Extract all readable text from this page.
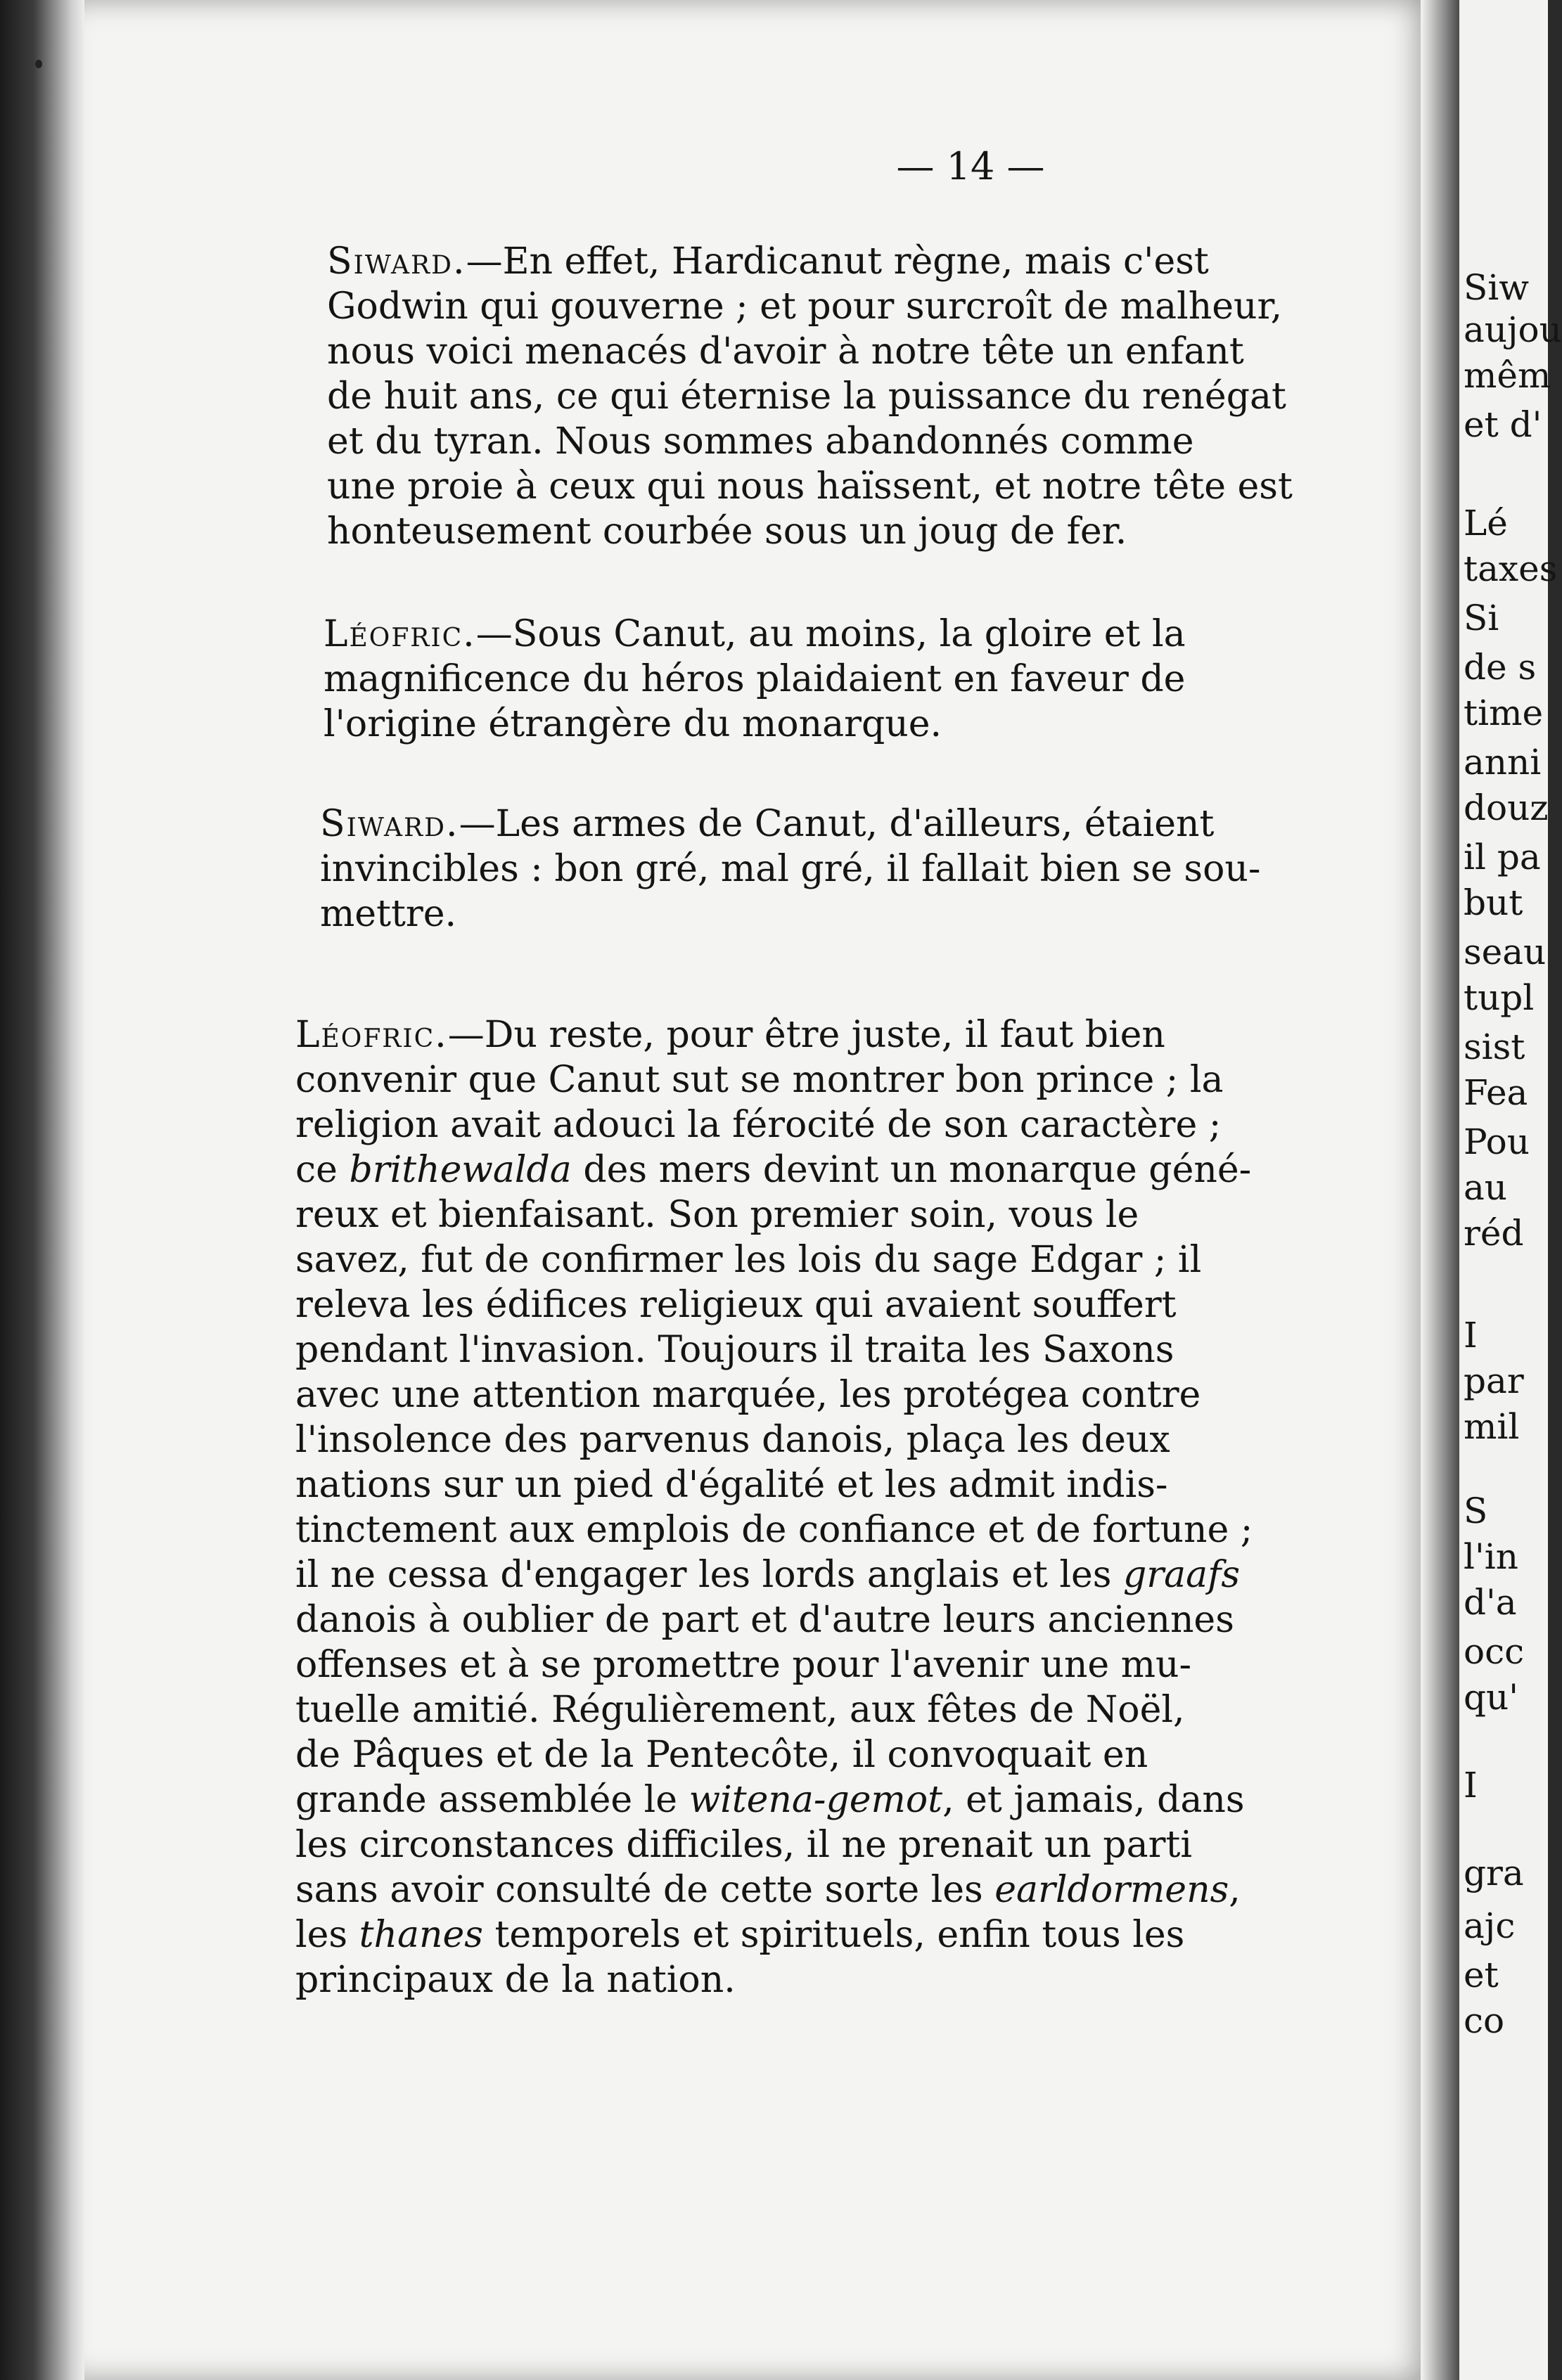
— 14 —
Siward.—En effet, Hardicanut règne, mais c'est
Godwin qui gouverne ; et pour surcroît de malheur,
nous voici menacés d'avoir à notre tête un enfant
de huit ans, ce qui éternise la puissance du renégat
et du tyran. Nous sommes abandonnés comme
une proie à ceux qui nous haïssent, et notre tête est
honteusement courbée sous un joug de fer.
Léofric.—Sous Canut, au moins, la gloire et la
magnificence du héros plaidaient en faveur de
l'origine étrangère du monarque.
Siward.—Les armes de Canut, d'ailleurs, étaient
invincibles : bon gré, mal gré, il fallait bien se sou-
mettre.
Léofric.—Du reste, pour être juste, il faut bien
convenir que Canut sut se montrer bon prince ; la
religion avait adouci la férocité de son caractère ;
ce brithewalda des mers devint un monarque géné-
reux et bienfaisant. Son premier soin, vous le
savez, fut de confirmer les lois du sage Edgar ; il
releva les édifices religieux qui avaient souffert
pendant l'invasion. Toujours il traita les Saxons
avec une attention marquée, les protégea contre
l'insolence des parvenus danois, plaça les deux
nations sur un pied d'égalité et les admit indis-
tinctement aux emplois de confiance et de fortune ;
il ne cessa d'engager les lords anglais et les graafs
danois à oublier de part et d'autre leurs anciennes
offenses et à se promettre pour l'avenir une mu-
tuelle amitié. Régulièrement, aux fêtes de Noël,
de Pâques et de la Pentecôte, il convoquait en
grande assemblée le witena-gemot, et jamais, dans
les circonstances difficiles, il ne prenait un parti
sans avoir consulté de cette sorte les earldormens,
les thanes temporels et spirituels, enfin tous les
principaux de la nation.
Siw
aujou
mêm
et d'
Lé
taxes
Si
de s
time
anni
douz
il pa
but
seau
tupl
sist
Fea
Pou
au
réd
I
par
mil
S
l'in
d'a
occ
qu'
I
gra
ajc
et
co
